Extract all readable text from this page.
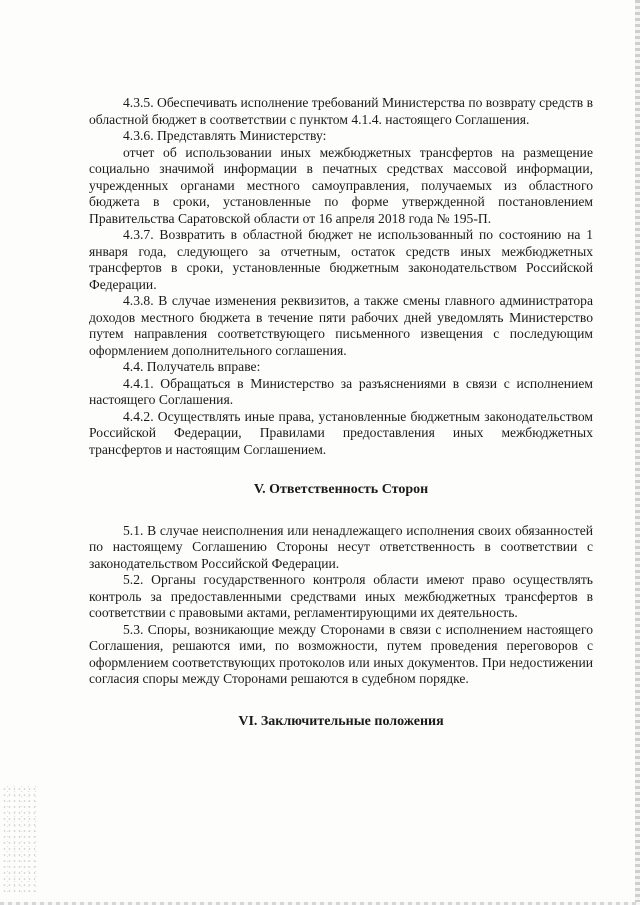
4.3.5. Обеспечивать исполнение требований Министерства по возврату средств в областной бюджет в соответствии с пунктом 4.1.4. настоящего Соглашения.

4.3.6. Представлять Министерству:

отчет об использовании иных межбюджетных трансфертов на размещение социально значимой информации в печатных средствах массовой информации, учрежденных органами местного самоуправления, получаемых из областного бюджета в сроки, установленные по форме утвержденной постановлением Правительства Саратовской области от 16 апреля 2018 года № 195-П.

4.3.7. Возвратить в областной бюджет не использованный по состоянию на 1 января года, следующего за отчетным, остаток средств иных межбюджетных трансфертов в сроки, установленные бюджетным законодательством Российской Федерации.

4.3.8. В случае изменения реквизитов, а также смены главного администратора доходов местного бюджета в течение пяти рабочих дней уведомлять Министерство путем направления соответствующего письменного извещения с последующим оформлением дополнительного соглашения.

4.4. Получатель вправе:

4.4.1. Обращаться в Министерство за разъяснениями в связи с исполнением настоящего Соглашения.

4.4.2. Осуществлять иные права, установленные бюджетным законодательством Российской Федерации, Правилами предоставления иных межбюджетных трансфертов и настоящим Соглашением.

V. Ответственность Сторон

5.1. В случае неисполнения или ненадлежащего исполнения своих обязанностей по настоящему Соглашению Стороны несут ответственность в соответствии с законодательством Российской Федерации.

5.2. Органы государственного контроля области имеют право осуществлять контроль за предоставленными средствами иных межбюджетных трансфертов в соответствии с правовыми актами, регламентирующими их деятельность.

5.3. Споры, возникающие между Сторонами в связи с исполнением настоящего Соглашения, решаются ими, по возможности, путем проведения переговоров с оформлением соответствующих протоколов или иных документов. При недостижении согласия споры между Сторонами решаются в судебном порядке.

VI. Заключительные положения
